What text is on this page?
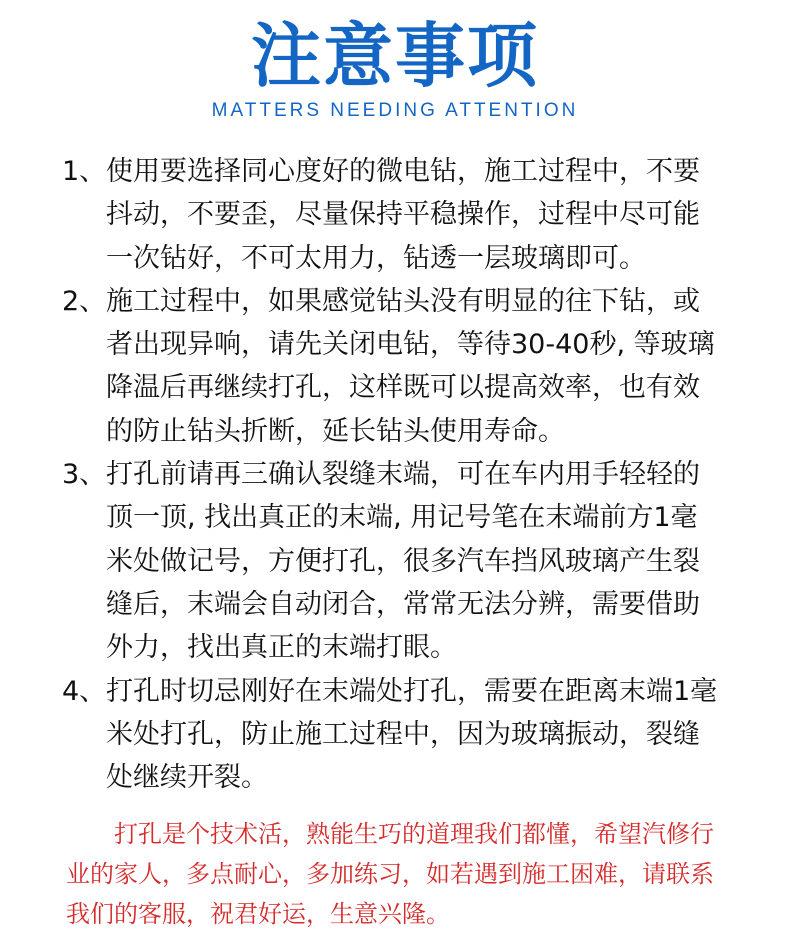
注意事项
MATTERS NEEDING ATTENTION
1、 使用要选择同心度好的微电钻，施工过程中，不要抖动，不要歪，尽量保持平稳操作，过程中尽可能一次钻好，不可太用力，钻透一层玻璃即可。
2、 施工过程中，如果感觉钻头没有明显的往下钻，或者出现异响，请先关闭电钻，等待30-40秒, 等玻璃降温后再继续打孔，这样既可以提高效率，也有效的防止钻头折断，延长钻头使用寿命。
3、 打孔前请再三确认裂缝末端，可在车内用手轻轻的顶一顶, 找出真正的末端, 用记号笔在末端前方1毫米处做记号，方便打孔，很多汽车挡风玻璃产生裂缝后，末端会自动闭合，常常无法分辨，需要借助外力，找出真正的末端打眼。
4、 打孔时切忌刚好在末端处打孔，需要在距离末端1毫米处打孔，防止施工过程中，因为玻璃振动，裂缝处继续开裂。
打孔是个技术活，熟能生巧的道理我们都懂，希望汽修行业的家人，多点耐心，多加练习，如若遇到施工困难，请联系我们的客服，祝君好运，生意兴隆。
